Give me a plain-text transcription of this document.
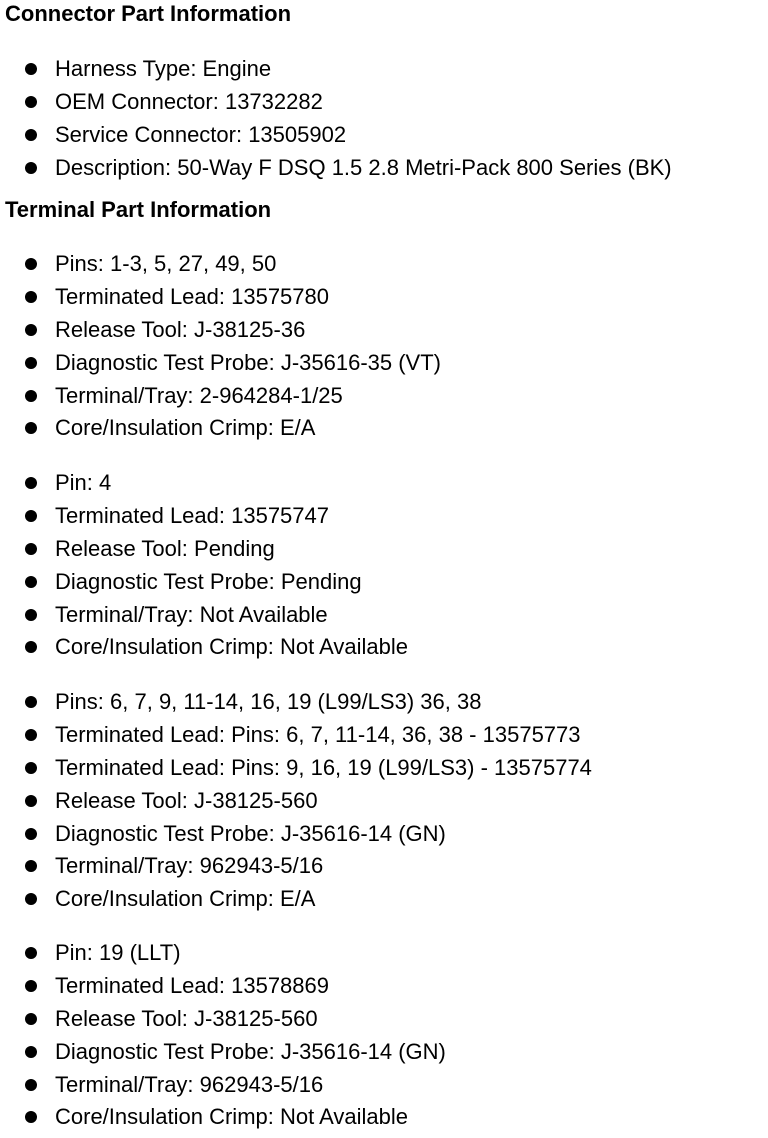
Connector Part Information
Harness Type: Engine
OEM Connector: 13732282
Service Connector: 13505902
Description: 50-Way F DSQ 1.5 2.8 Metri-Pack 800 Series (BK)
Terminal Part Information
Pins: 1-3, 5, 27, 49, 50
Terminated Lead: 13575780
Release Tool: J-38125-36
Diagnostic Test Probe: J-35616-35 (VT)
Terminal/Tray: 2-964284-1/25
Core/Insulation Crimp: E/A
Pin: 4
Terminated Lead: 13575747
Release Tool: Pending
Diagnostic Test Probe: Pending
Terminal/Tray: Not Available
Core/Insulation Crimp: Not Available
Pins: 6, 7, 9, 11-14, 16, 19 (L99/LS3) 36, 38
Terminated Lead: Pins: 6, 7, 11-14, 36, 38 - 13575773
Terminated Lead: Pins: 9, 16, 19 (L99/LS3) - 13575774
Release Tool: J-38125-560
Diagnostic Test Probe: J-35616-14 (GN)
Terminal/Tray: 962943-5/16
Core/Insulation Crimp: E/A
Pin: 19 (LLT)
Terminated Lead: 13578869
Release Tool: J-38125-560
Diagnostic Test Probe: J-35616-14 (GN)
Terminal/Tray: 962943-5/16
Core/Insulation Crimp: Not Available
